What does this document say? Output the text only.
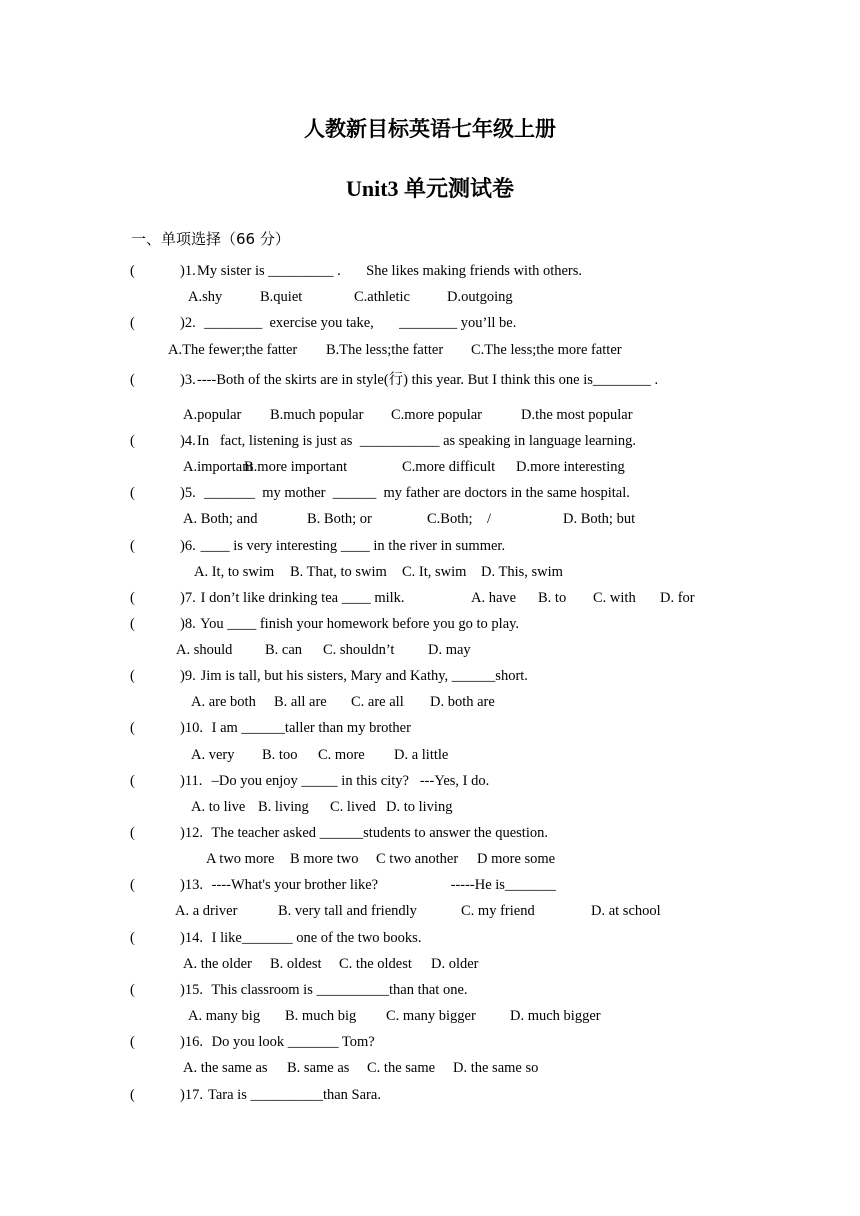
人教新目标英语七年级上册
Unit3 单元测试卷
一、单项选择（66 分）
(	)1. My sister is _________ .       She likes making friends with others.
A.shy	B.quiet	C.athletic	D.outgoing
(	)2. ________  exercise you take,       ________ you’ll be.
A.The fewer;the fatter B.The less;the fatter C.The less;the more fatter
(	)3. ----Both of the skirts are in style(行) this year. But I think this one is________ .
A.popular B.much popular C.more popular	D.the most popular
(	)4. In   fact, listening is just as  ___________ as speaking in language learning.
A.important
B.more important	C.more difficult D.more interesting
(	)5. _______  my mother  ______  my father are doctors in the same hospital.
A. Both; and	B. Both; or	C.Both;    /	D. Both; but
(	)6. ____ is very interesting ____ in the river in summer.
A. It, to swim B. That, to swim C. It, swim D. This, swim
(	)7. I don’t like drinking tea ____ milk.	A. have B. to C. with D. for
(	)8. You ____ finish your homework before you go to play.
A. should B. can C. shouldn’t D. may
(	)9. Jim is tall, but his sisters, Mary and Kathy, ______short.
A. are both B. all are C. are all D. both are
(	)10. I am ______taller than my brother
A. very B. too C. more D. a little
(	)11. –Do you enjoy _____ in this city?   ---Yes, I do.
A. to live B. living C. lived D. to living
(	)12. The teacher asked ______students to answer the question.
A two more B more two C two another D more some
(	)13. ----What's your brother like?                    -----He is_______
A. a driver	B. very tall and friendly	C. my friend	D. at school
(	)14. I like_______ one of the two books.
A. the older B. oldest C. the oldest D. older
(	)15. This classroom is __________than that one.
A. many big B. much big C. many bigger D. much bigger
(	)16. Do you look _______ Tom?
A. the same as B. same as C. the same D. the same so
(	)17. Tara is __________than Sara.
